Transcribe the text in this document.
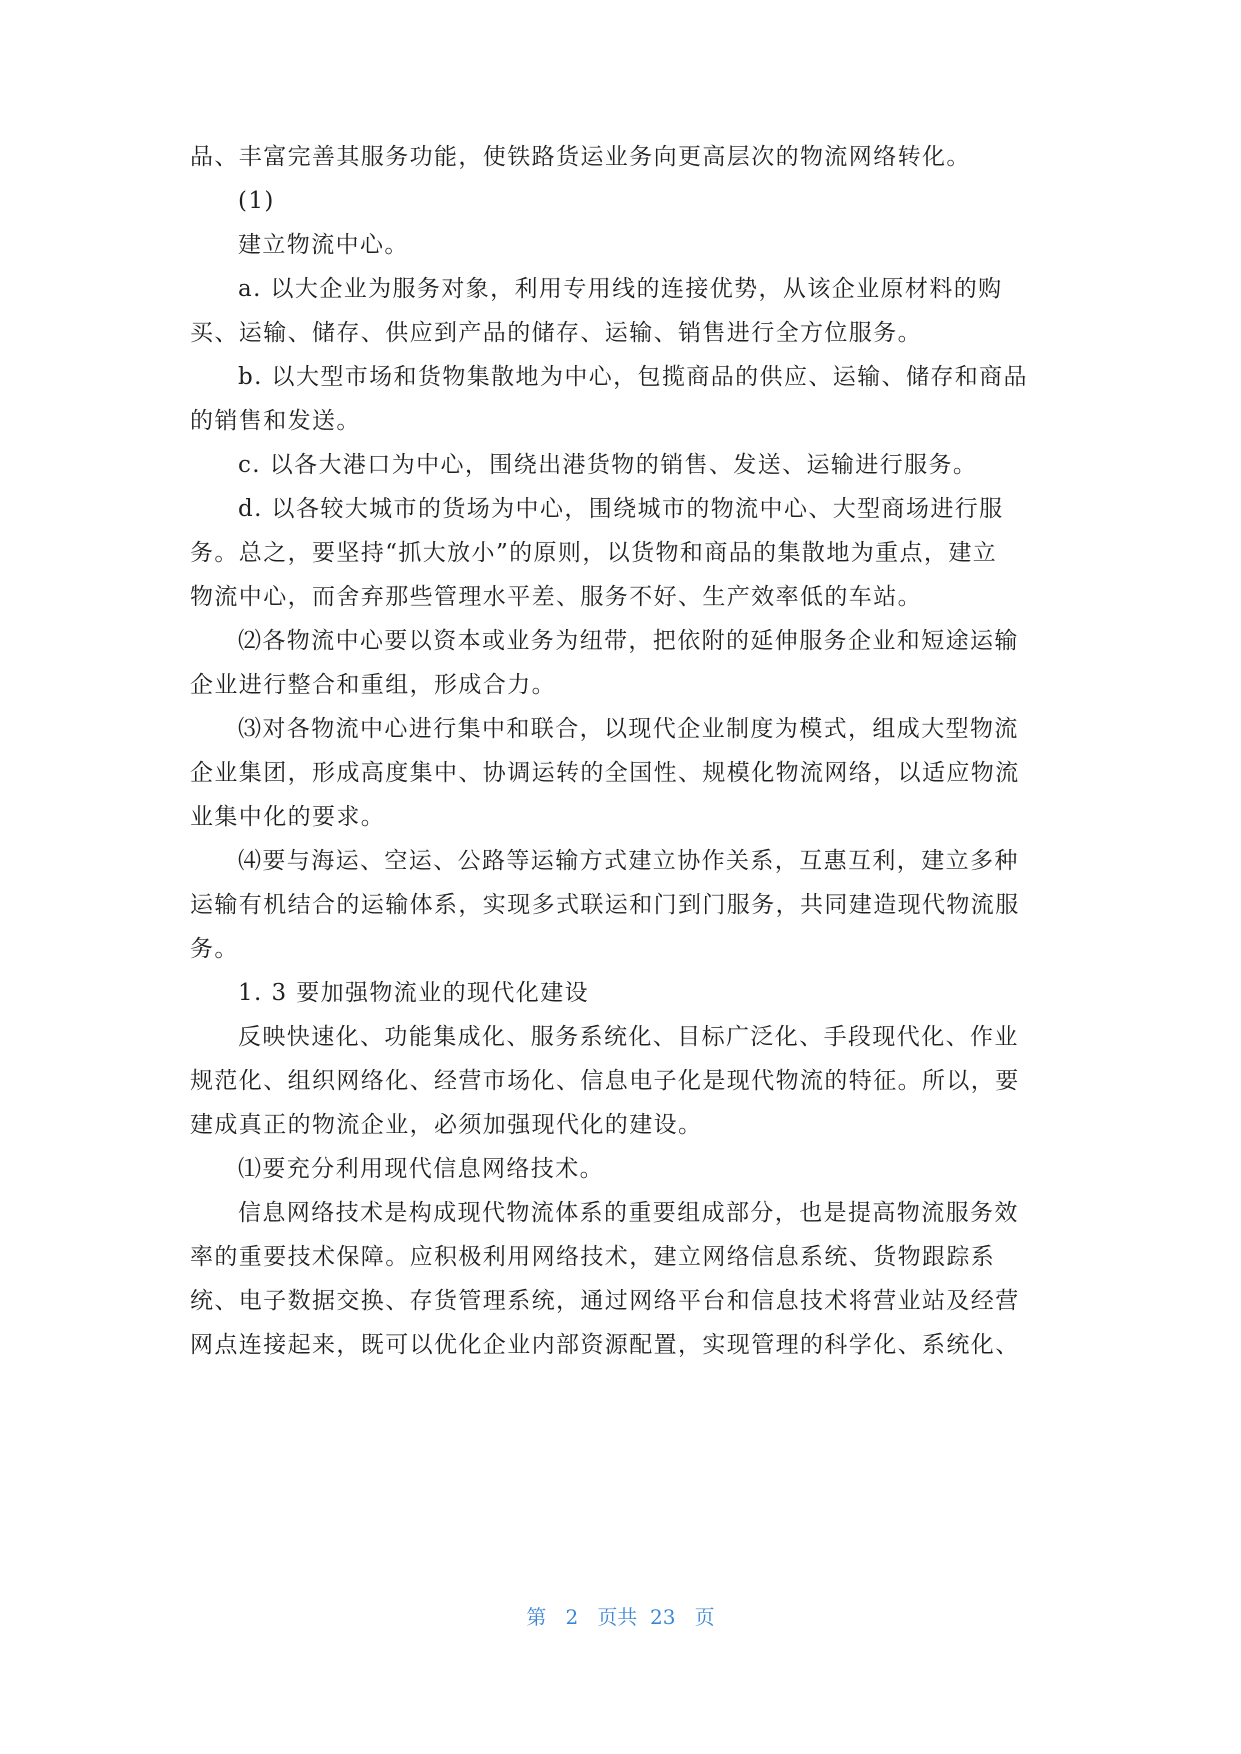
品、丰富完善其服务功能，使铁路货运业务向更高层次的物流网络转化。
(1)
建立物流中心。
a. 以大企业为服务对象，利用专用线的连接优势，从该企业原材料的购
买、运输、储存、供应到产品的储存、运输、销售进行全方位服务。
b. 以大型市场和货物集散地为中心，包揽商品的供应、运输、储存和商品
的销售和发送。
c. 以各大港口为中心，围绕出港货物的销售、发送、运输进行服务。
d. 以各较大城市的货场为中心，围绕城市的物流中心、大型商场进行服
务。总之，要坚持“抓大放小”的原则，以货物和商品的集散地为重点，建立
物流中心，而舍弃那些管理水平差、服务不好、生产效率低的车站。
⑵各物流中心要以资本或业务为纽带，把依附的延伸服务企业和短途运输
企业进行整合和重组，形成合力。
⑶对各物流中心进行集中和联合，以现代企业制度为模式，组成大型物流
企业集团，形成高度集中、协调运转的全国性、规模化物流网络，以适应物流
业集中化的要求。
⑷要与海运、空运、公路等运输方式建立协作关系，互惠互利，建立多种
运输有机结合的运输体系，实现多式联运和门到门服务，共同建造现代物流服
务。
1. 3 要加强物流业的现代化建设
反映快速化、功能集成化、服务系统化、目标广泛化、手段现代化、作业
规范化、组织网络化、经营市场化、信息电子化是现代物流的特征。所以，要
建成真正的物流企业，必须加强现代化的建设。
⑴要充分利用现代信息网络技术。
信息网络技术是构成现代物流体系的重要组成部分，也是提高物流服务效
率的重要技术保障。应积极利用网络技术，建立网络信息系统、货物跟踪系
统、电子数据交换、存货管理系统，通过网络平台和信息技术将营业站及经营
网点连接起来，既可以优化企业内部资源配置，实现管理的科学化、系统化、
第 2 页共 23 页
